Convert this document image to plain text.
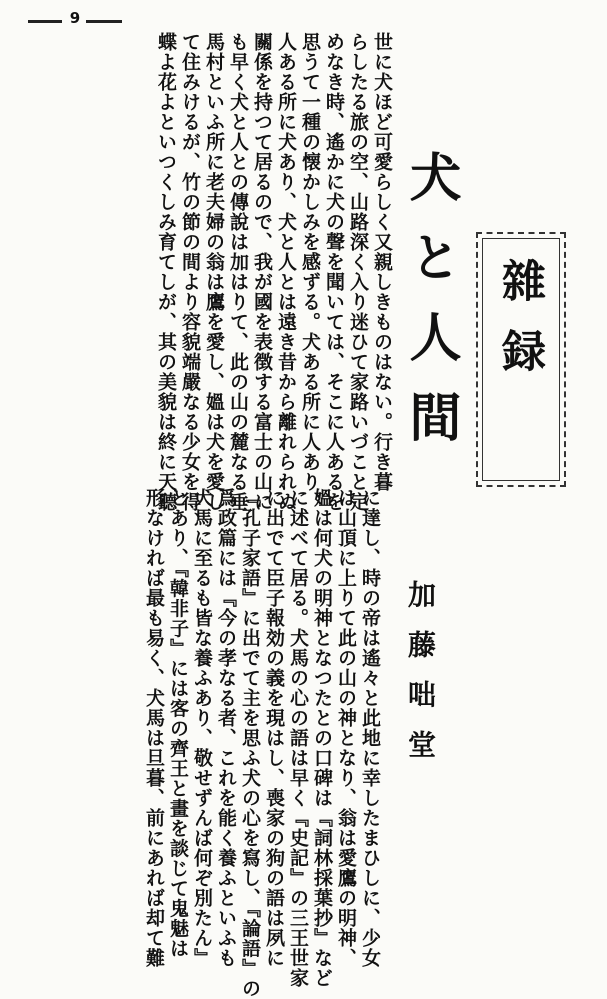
9
世に犬ほど可愛らしく又親しきものはない。行き暮
らしたる旅の空、山路深く入り迷ひて家路いづこと定
めなき時、遙かに犬の聲を聞いては、そこに人あるを
思うて一種の懐かしみを感ずる。犬ある所に人あり、
人ある所に犬あり、犬と人とは遠き昔から離れられぬ
關係を持つて居るので、我が國を表徴する富士の山に
も早く犬と人との傳說は加はりて、此の山の麓なる垂
馬村といふ所に老夫婦の翁は鷹を愛し、媼は犬を愛し
て住みけるが、竹の節の間より容貌端嚴なる少女を得、
蝶よ花よといつくしみ育てしが、其の美貌は終に天聽
に達し、時の帝は遙々と此地に幸したまひしに、少女
は山頂に上りて此の山の神となり、翁は愛鷹の明神、
媼は何犬の明神となつたとの口碑は『詞林採葉抄』など
に述べて居る。犬馬の心の語は早く『史記』の三王世家
に出でて臣子報効の義を現はし、喪家の狗の語は夙に
『孔子家語』に出でて主を思ふ犬の心を寫し、『論語』の
爲政篇には『今の孝なる者、これを能く養ふといふも
犬馬に至るも皆な養ふあり、敬せずんば何ぞ別たん』
とあり、『韓非子』には客の齊王と畫を談じて鬼魅は
形なければ最も易く、犬馬は旦暮、前にあれば却て難
犬と人間 雜録
加藤咄堂
